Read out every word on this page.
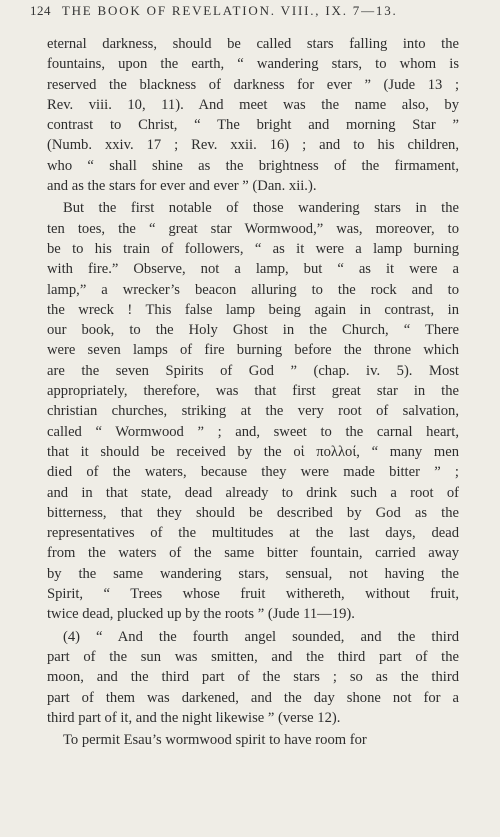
124 THE BOOK OF REVELATION. VIII., IX. 7—13.
eternal darkness, should be called stars falling into the
fountains, upon the earth, “ wandering stars, to whom is
reserved the blackness of darkness for ever ” (Jude 13 ;
Rev. viii. 10, 11). And meet was the name also, by
contrast to Christ, “ The bright and morning Star ”
(Numb. xxiv. 17 ; Rev. xxii. 16) ; and to his children,
who “ shall shine as the brightness of the firmament,
and as the stars for ever and ever ” (Dan. xii.).
But the first notable of those wandering stars in the
ten toes, the “ great star Wormwood,” was, moreover, to
be to his train of followers, “ as it were a lamp burning
with fire.” Observe, not a lamp, but “ as it were a
lamp,” a wrecker’s beacon alluring to the rock and to
the wreck ! This false lamp being again in contrast, in
our book, to the Holy Ghost in the Church, “ There
were seven lamps of fire burning before the throne which
are the seven Spirits of God ” (chap. iv. 5). Most
appropriately, therefore, was that first great star in the
christian churches, striking at the very root of salvation,
called “ Wormwood ” ; and, sweet to the carnal heart,
that it should be received by the οἱ πολλοί, “ many men
died of the waters, because they were made bitter ” ;
and in that state, dead already to drink such a root of
bitterness, that they should be described by God as the
representatives of the multitudes at the last days, dead
from the waters of the same bitter fountain, carried away
by the same wandering stars, sensual, not having the
Spirit, “ Trees whose fruit withereth, without fruit,
twice dead, plucked up by the roots ” (Jude 11—19).
(4) “ And the fourth angel sounded, and the third
part of the sun was smitten, and the third part of the
moon, and the third part of the stars ; so as the third
part of them was darkened, and the day shone not for a
third part of it, and the night likewise ” (verse 12).
To permit Esau’s wormwood spirit to have room for
